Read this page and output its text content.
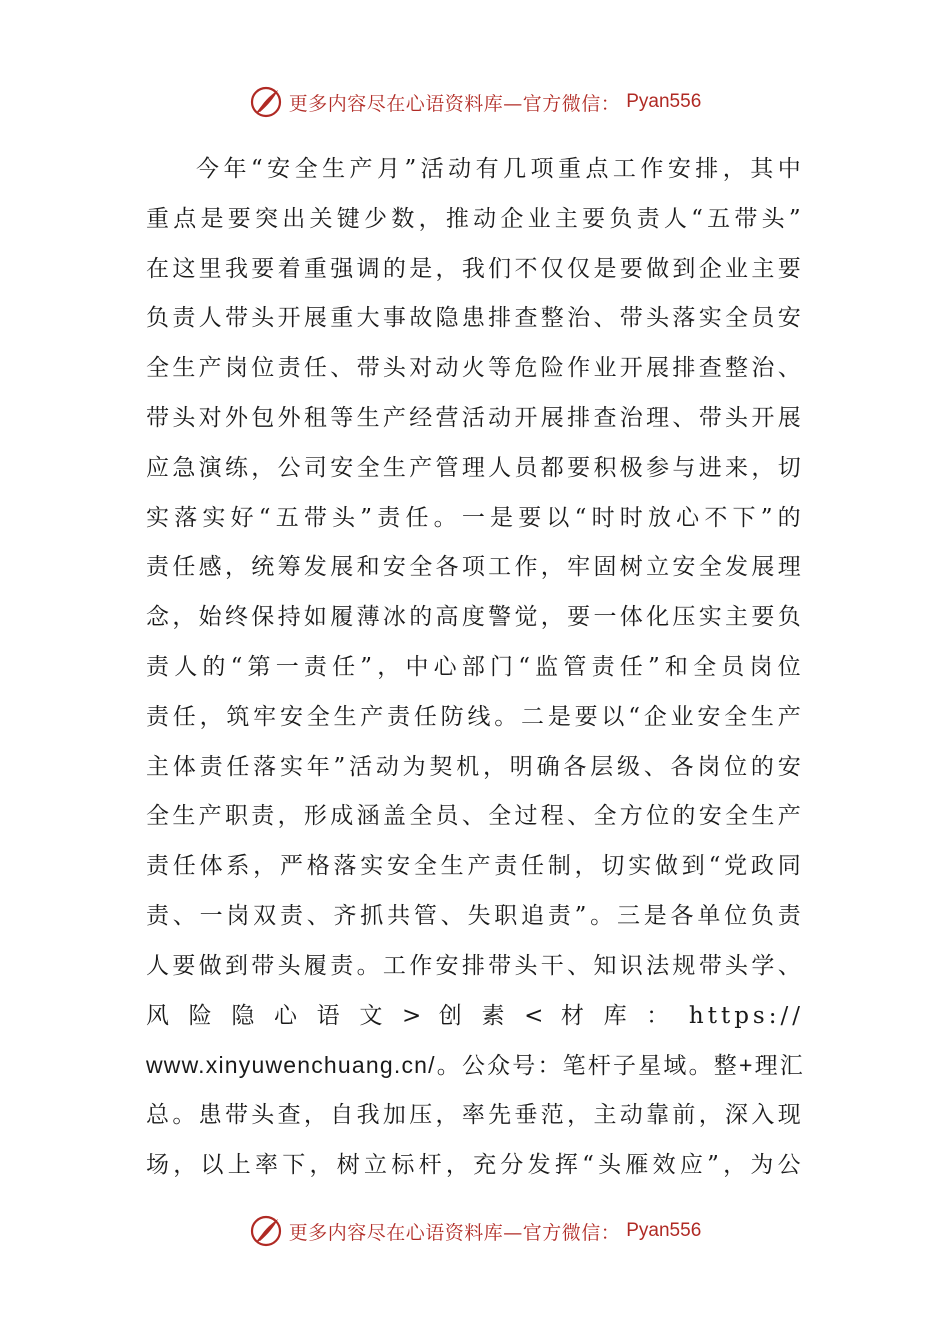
更多内容尽在心语资料库—官方微信： Pyan556
今年“安全生产月”活动有几项重点工作安排，其中
重点是要突出关键少数，推动企业主要负责人“五带头”
在这里我要着重强调的是，我们不仅仅是要做到企业主要
负责人带头开展重大事故隐患排查整治、带头落实全员安
全生产岗位责任、带头对动火等危险作业开展排查整治、
带头对外包外租等生产经营活动开展排查治理、带头开展
应急演练，公司安全生产管理人员都要积极参与进来，切
实落实好“五带头”责任。一是要以“时时放心不下”的
责任感，统筹发展和安全各项工作，牢固树立安全发展理
念，始终保持如履薄冰的高度警觉，要一体化压实主要负
责人的“第一责任”，中心部门“监管责任”和全员岗位
责任，筑牢安全生产责任防线。二是要以“企业安全生产
主体责任落实年”活动为契机，明确各层级、各岗位的安
全生产职责，形成涵盖全员、全过程、全方位的安全生产
责任体系，严格落实安全生产责任制，切实做到“党政同
责、一岗双责、齐抓共管、失职追责”。三是各单位负责
人要做到带头履责。工作安排带头干、知识法规带头学、
风 险 隐 心 语 文 > 创 素 < 材 库 ： https://
www.xinyuwenchuang.cn/。公众号：笔杆子星域。整+理汇
总。患带头查，自我加压，率先垂范，主动靠前，深入现
场，以上率下，树立标杆，充分发挥“头雁效应”，为公
更多内容尽在心语资料库—官方微信： Pyan556
